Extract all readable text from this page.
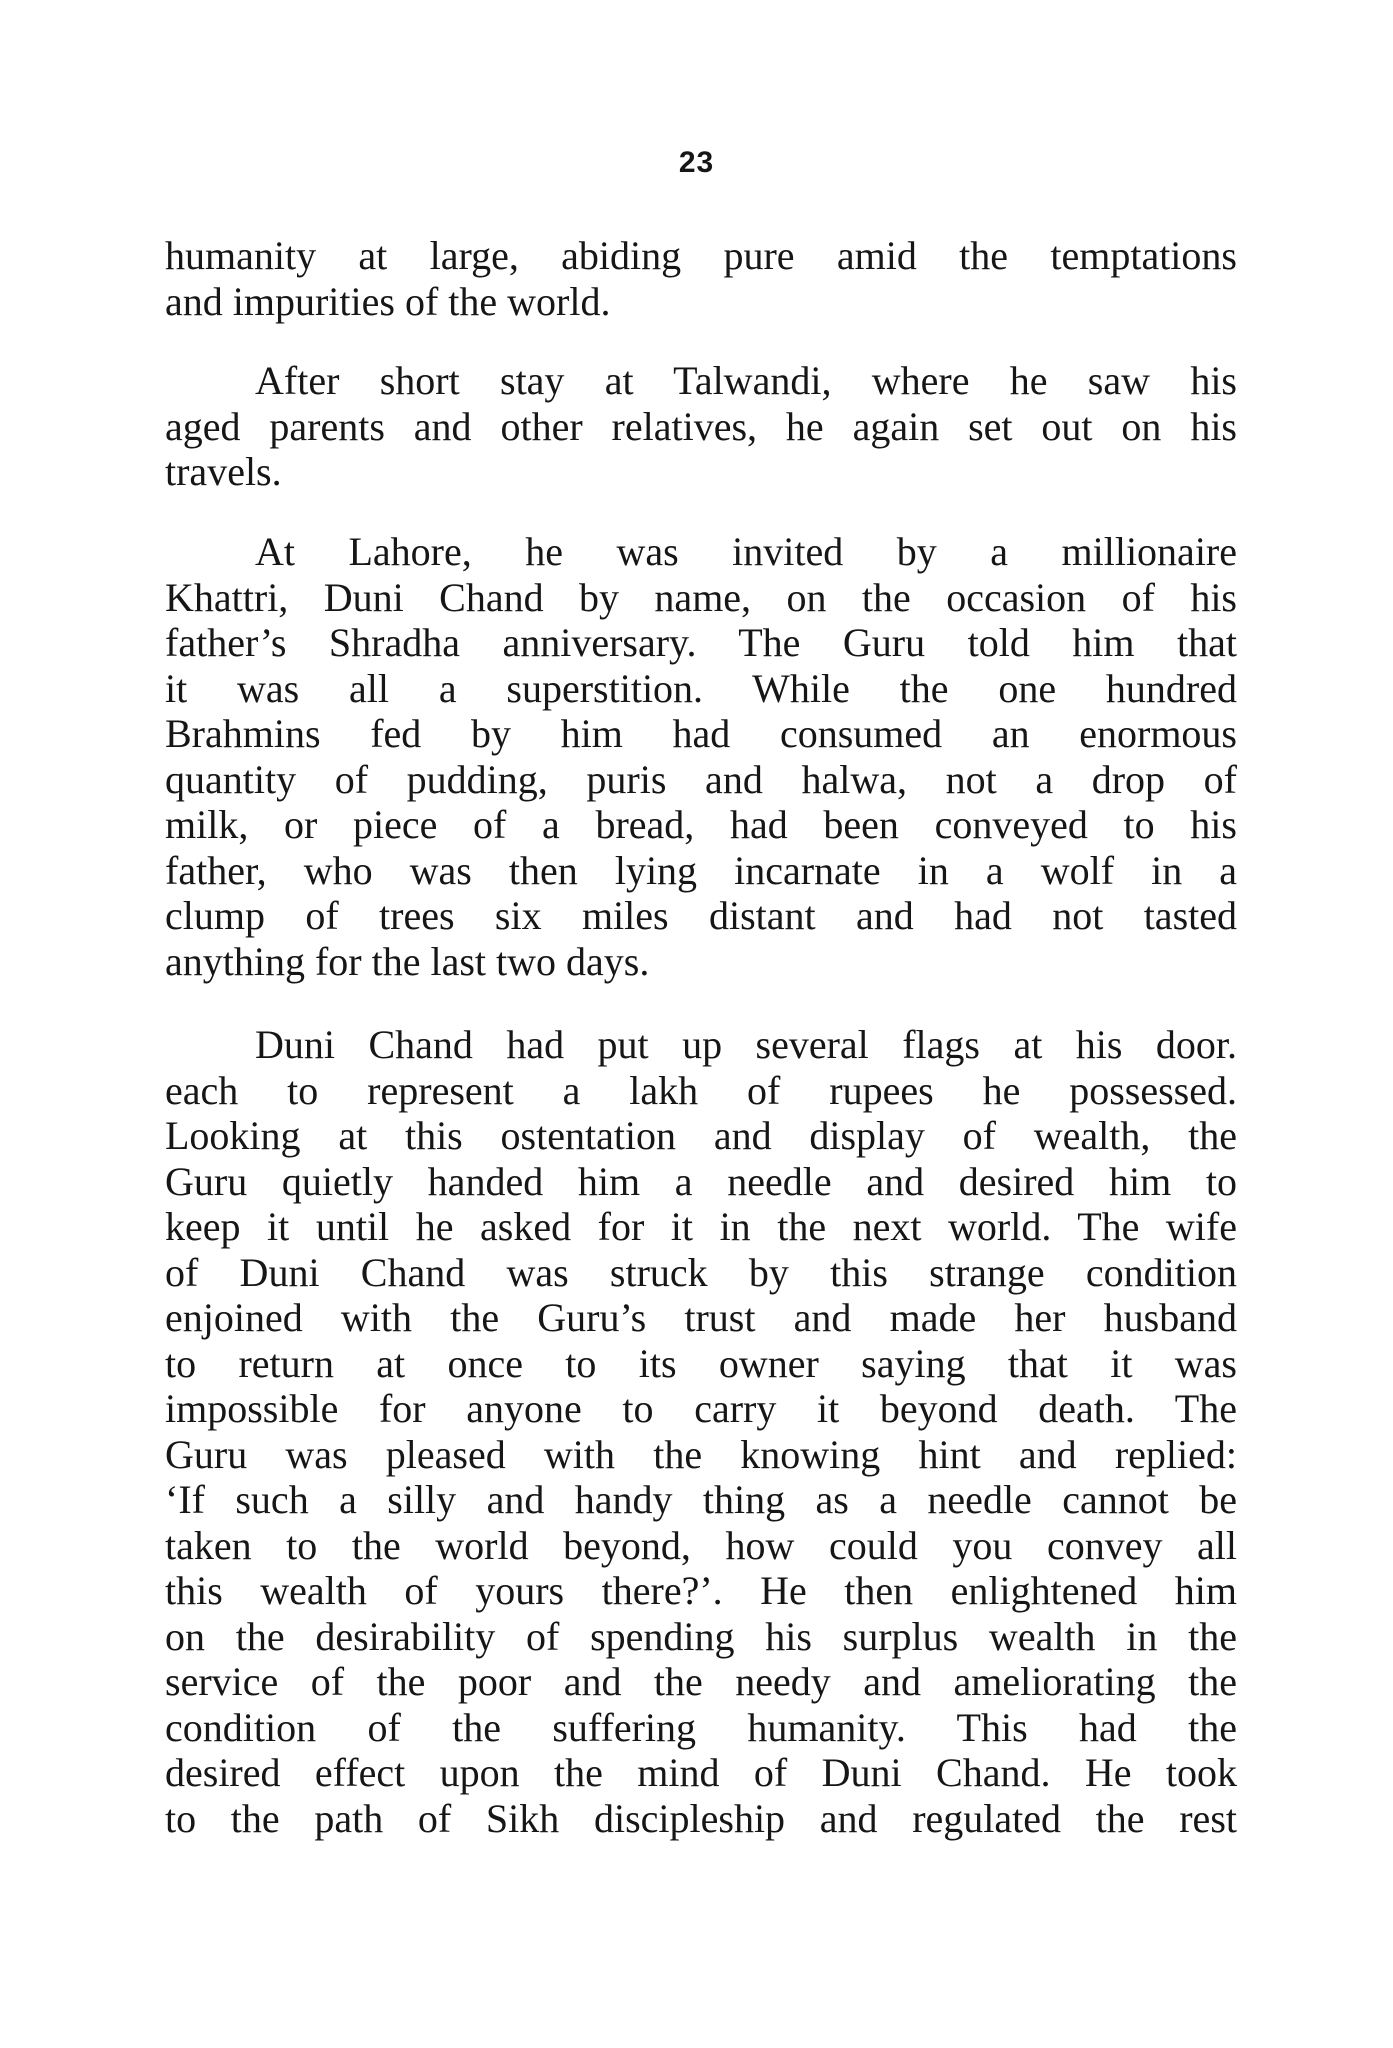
23
humanity at large, abiding pure amid the temptations
and impurities of the world.
After short stay at Talwandi, where he saw his
aged parents and other relatives, he again set out on his
travels.
At Lahore, he was invited by a millionaire
Khattri, Duni Chand by name, on the occasion of his
father’s Shradha anniversary. The Guru told him that
it was all a superstition. While the one hundred
Brahmins fed by him had consumed an enormous
quantity of pudding, puris and halwa, not a drop of
milk, or piece of a bread, had been conveyed to his
father, who was then lying incarnate in a wolf in a
clump of trees six miles distant and had not tasted
anything for the last two days.
Duni Chand had put up several flags at his door.
each to represent a lakh of rupees he possessed.
Looking at this ostentation and display of wealth, the
Guru quietly handed him a needle and desired him to
keep it until he asked for it in the next world. The wife
of Duni Chand was struck by this strange condition
enjoined with the Guru’s trust and made her husband
to return at once to its owner saying that it was
impossible for anyone to carry it beyond death. The
Guru was pleased with the knowing hint and replied:
‘If such a silly and handy thing as a needle cannot be
taken to the world beyond, how could you convey all
this wealth of yours there?’. He then enlightened him
on the desirability of spending his surplus wealth in the
service of the poor and the needy and ameliorating the
condition of the suffering humanity. This had the
desired effect upon the mind of Duni Chand. He took
to the path of Sikh discipleship and regulated the rest
